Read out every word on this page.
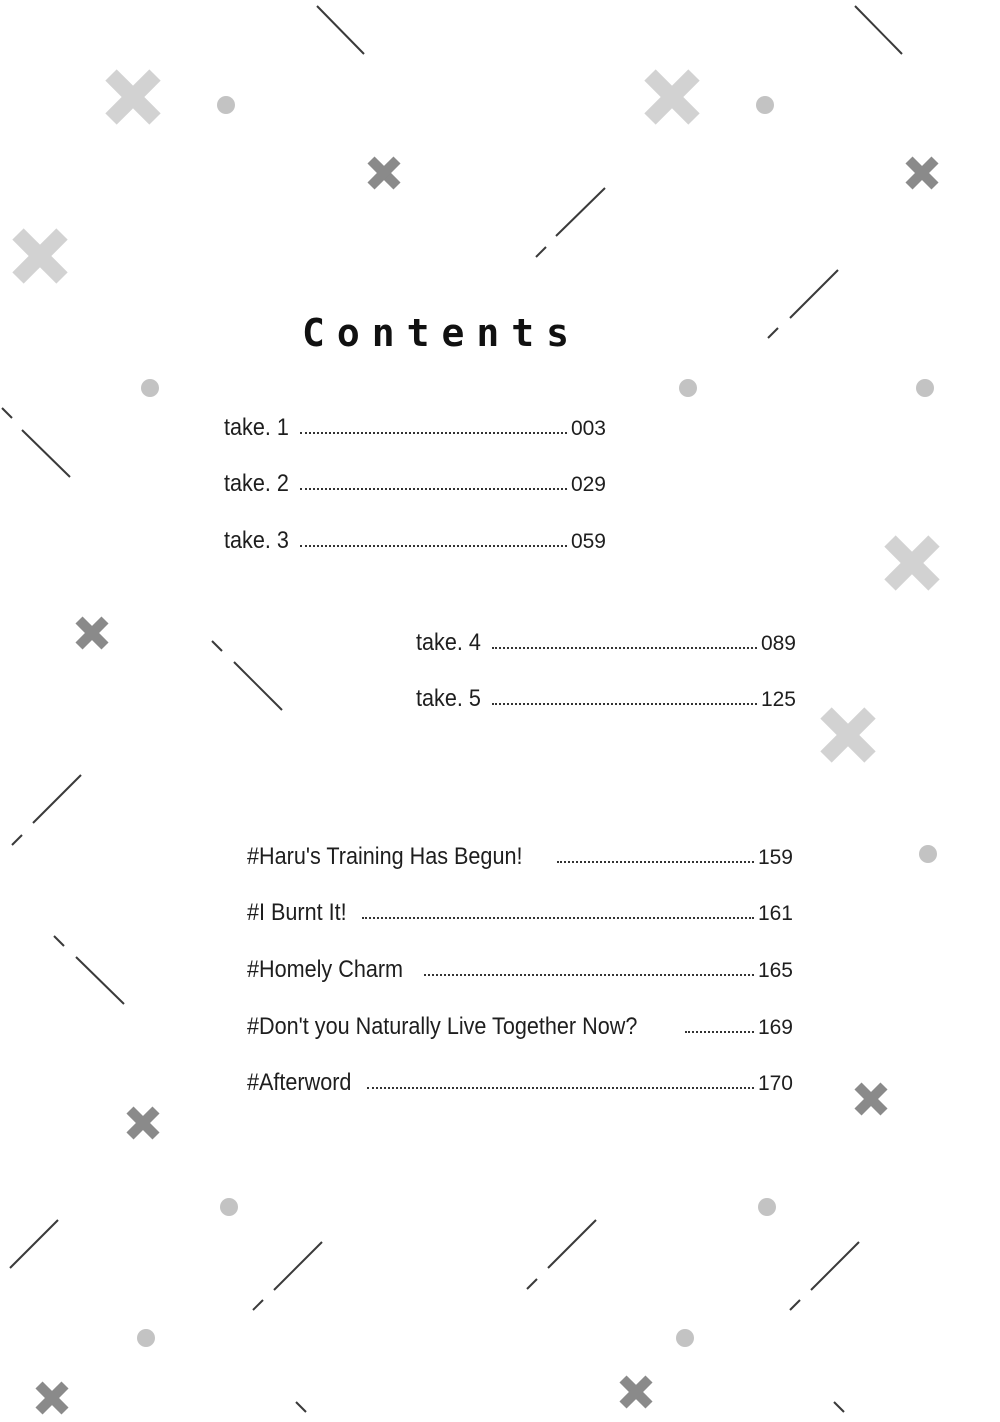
Contents
take. 1	003
take. 2	029
take. 3	059
take. 4	089
take. 5	125
#Haru's Training Has Begun!	159
#I Burnt It!	161
#Homely Charm	165
#Don't you Naturally Live Together Now?	169
#Afterword	170
